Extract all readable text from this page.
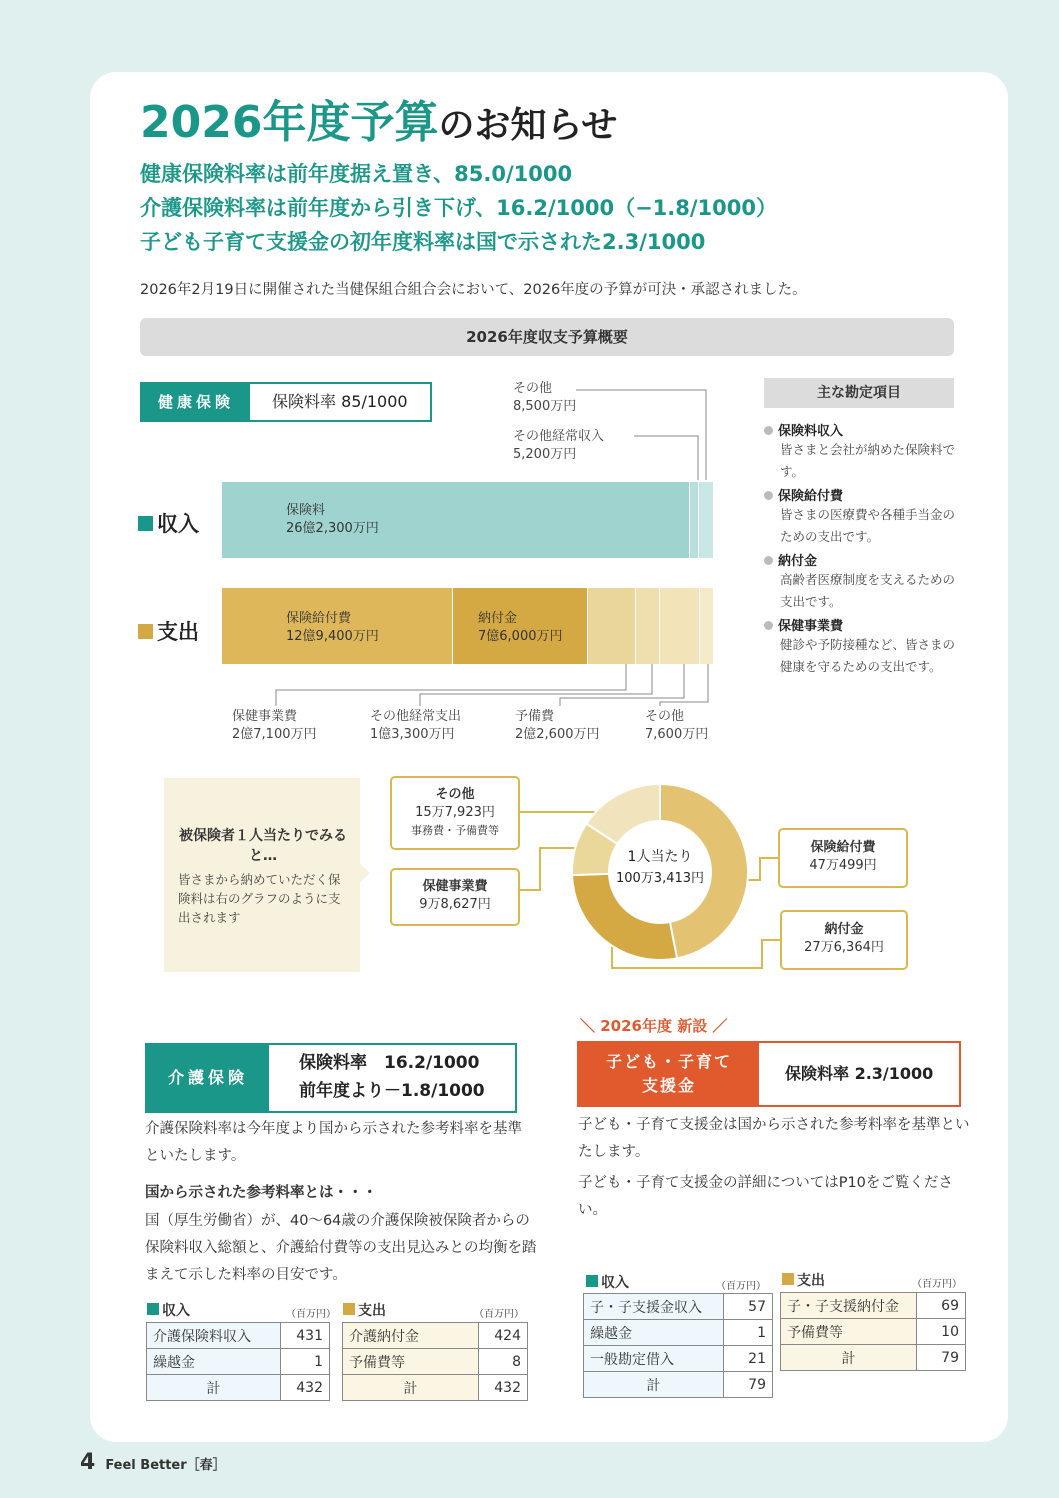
2026年度予算のお知らせ
健康保険料率は前年度据え置き、85.0/1000
介護保険料率は前年度から引き下げ、16.2/1000（−1.8/1000）
子ども子育て支援金の初年度料率は国で示された2.3/1000
2026年2月19日に開催された当健保組合組合会において、2026年度の予算が可決・承認されました。
2026年度収支予算概要
健康保険	保険料率 85/1000
その他
8,500万円
その他経常収入
5,200万円
収入
支出
保険料
26億2,300万円
保険給付費
12億9,400万円
納付金
7億6,000万円
保健事業費
2億7,100万円
その他経常支出
1億3,300万円
予備費
2億2,600万円
その他
7,600万円
主な勘定項目
保険料収入
皆さまと会社が納めた保険料です。
保険給付費
皆さまの医療費や各種手当金のための支出です。
納付金
高齢者医療制度を支えるための支出です。
保健事業費
健診や予防接種など、皆さまの健康を守るための支出です。
被保険者１人当たりでみると…
皆さまから納めていただく保険料は右のグラフのように支出されます
1人当たり
100万3,413円
その他
15万7,923円
事務費・予備費等
保健事業費
9万8,627円
保険給付費
47万499円
納付金
27万6,364円
介護保険
保険料率　16.2/1000
前年度より－1.8/1000
介護保険料率は今年度より国から示された参考料率を基準といたします。
国から示された参考料率とは・・・
国（厚生労働省）が、40～64歳の介護保険被保険者からの保険料収入総額と、介護給付費等の支出見込みとの均衡を踏まえて示した料率の目安です。
収入	（百万円）
介護保険料収入	431
繰越金	1
計	432
支出	（百万円）
介護納付金	424
予備費等	8
計	432
＼ 2026年度 新設 ／
子ども・子育て
支援金
保険料率 2.3/1000
子ども・子育て支援金は国から示された参考料率を基準といたします。
子ども・子育て支援金の詳細についてはP10をご覧ください。
収入	（百万円）
子・子支援金収入	57
繰越金	1
一般勘定借入	21
計	79
支出	（百万円）
子・子支援納付金	69
予備費等	10
計	79
4 Feel Better［春］
